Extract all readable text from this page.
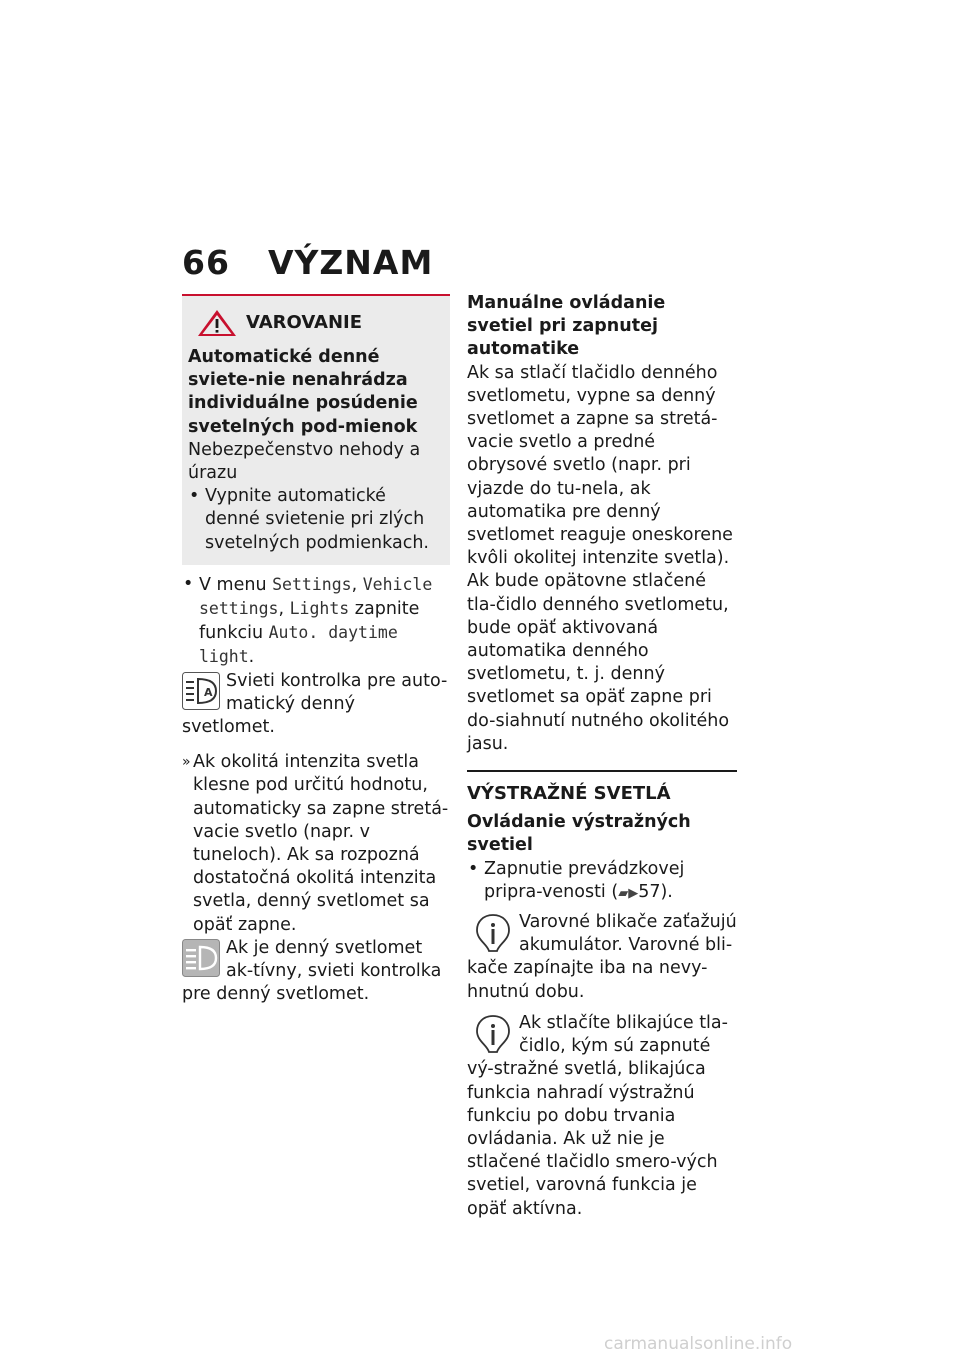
66 VÝZNAM
VAROVANIE
Automatické denné sviete-nie nenahrádza individuálne posúdenie svetelných pod-mienok
Nebezpečenstvo nehody a úrazu
• Vypnite automatické denné svietenie pri zlých svetelných podmienkach.
• V menu Settings, Vehicle settings, Lights zapnite funkciu Auto. daytime light.
A
Svieti kontrolka pre auto-matický denný svetlomet.
» Ak okolitá intenzita svetla klesne pod určitú hodnotu, automaticky sa zapne stretá-vacie svetlo (napr. v tuneloch). Ak sa rozpozná dostatočná okolitá intenzita svetla, denný svetlomet sa opäť zapne.
Ak je denný svetlomet ak-tívny, svieti kontrolka pre denný svetlomet.
Manuálne ovládanie svetiel pri zapnutej automatike
Ak sa stlačí tlačidlo denného svetlometu, vypne sa denný svetlomet a zapne sa stretá-vacie svetlo a predné obrysové svetlo (napr. pri vjazde do tu-nela, ak automatika pre denný svetlomet reaguje oneskorene kvôli okolitej intenzite svetla). Ak bude opätovne stlačené tla-čidlo denného svetlometu, bude opäť aktivovaná automatika denného svetlometu, t. j. denný svetlomet sa opäť zapne pri do-siahnutí nutného okolitého jasu.
VÝSTRAŽNÉ SVETLÁ
Ovládanie výstražných svetiel
• Zapnutie prevádzkovej pripra-venosti (▰▶57).
Varovné blikače zaťažujú akumulátor. Varovné bli-kače zapínajte iba na nevy-hnutnú dobu.
Ak stlačíte blikajúce tla-čidlo, kým sú zapnuté vý-stražné svetlá, blikajúca funkcia nahradí výstražnú funkciu po dobu trvania ovládania. Ak už nie je stlačené tlačidlo smero-vých svetiel, varovná funkcia je opäť aktívna.
carmanualsonline.info
